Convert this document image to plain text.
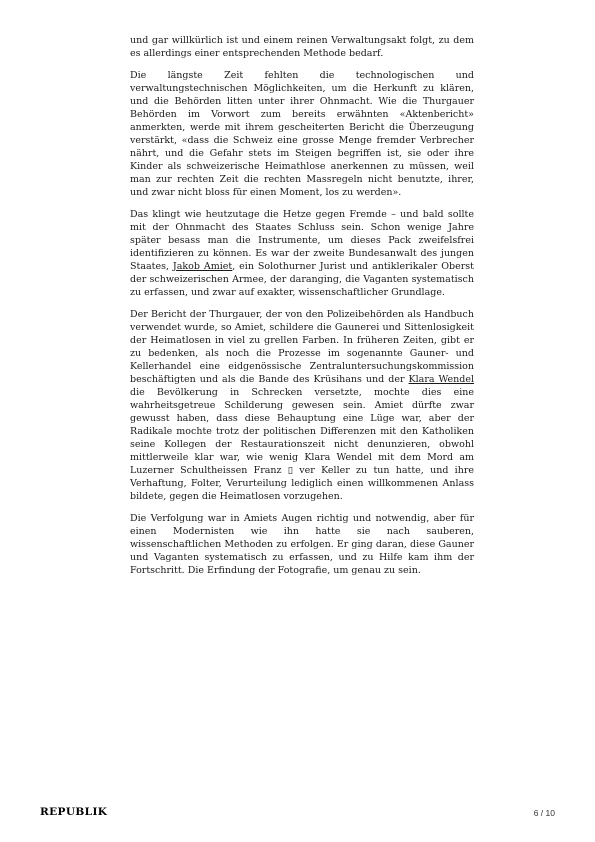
und gar willkürlich ist und einem reinen Verwaltungsakt folgt, zu dem es allerdings einer entsprechenden Methode bedarf.

Die längste Zeit fehlten die technologischen und verwaltungstechnischen Möglichkeiten, um die Herkunft zu klären, und die Behörden litten unter ihrer Ohnmacht. Wie die Thurgauer Behörden im Vorwort zum bereits erwähnten «Aktenbericht» anmerkten, werde mit ihrem gescheiterten Bericht die Überzeugung verstärkt, «dass die Schweiz eine grosse Menge fremder Verbrecher nährt, und die Gefahr stets im Steigen begriffen ist, sie oder ihre Kinder als schweizerische Heimathlose anerkennen zu müssen, weil man zur rechten Zeit die rechten Massregeln nicht benutzte, ihrer, und zwar nicht bloss für einen Moment, los zu werden».

Das klingt wie heutzutage die Hetze gegen Fremde – und bald sollte mit der Ohnmacht des Staates Schluss sein. Schon wenige Jahre später besass man die Instrumente, um dieses Pack zweifelsfrei identifizieren zu können. Es war der zweite Bundesanwalt des jungen Staates, Jakob Amiet, ein Solothurner Jurist und antiklerikaler Oberst der schweizerischen Armee, der daranging, die Vaganten systematisch zu erfassen, und zwar auf exakter, wissenschaftlicher Grundlage.

Der Bericht der Thurgauer, der von den Polizeibehörden als Handbuch verwendet wurde, so Amiet, schildere die Gaunerei und Sittenlosigkeit der Heimatlosen in viel zu grellen Farben. In früheren Zeiten, gibt er zu bedenken, als noch die Prozesse im sogenannte Gauner- und Kellerhandel eine eidgenössische Zentraluntersuchungskommission beschäftigten und als die Bande des Krüsihans und der Klara Wendel die Bevölkerung in Schrecken versetzte, mochte dies eine wahrheitsgetreue Schilderung gewesen sein. Amiet dürfte zwar gewusst haben, dass diese Behauptung eine Lüge war, aber der Radikale mochte trotz der politischen Differenzen mit den Katholiken seine Kollegen der Restaurationszeit nicht denunzieren, obwohl mittlerweile klar war, wie wenig Klara Wendel mit dem Mord am Luzerner Schultheissen Franz ▯ ver Keller zu tun hatte, und ihre Verhaftung, Folter, Verurteilung lediglich einen willkommenen Anlass bildete, gegen die Heimatlosen vorzugehen.

Die Verfolgung war in Amiets Augen richtig und notwendig, aber für einen Modernisten wie ihn hatte sie nach sauberen, wissenschaftlichen Methoden zu erfolgen. Er ging daran, diese Gauner und Vaganten systematisch zu erfassen, und zu Hilfe kam ihm der Fortschritt. Die Erfindung der Fotografie, um genau zu sein.

REPUBLIK	6 / 10
